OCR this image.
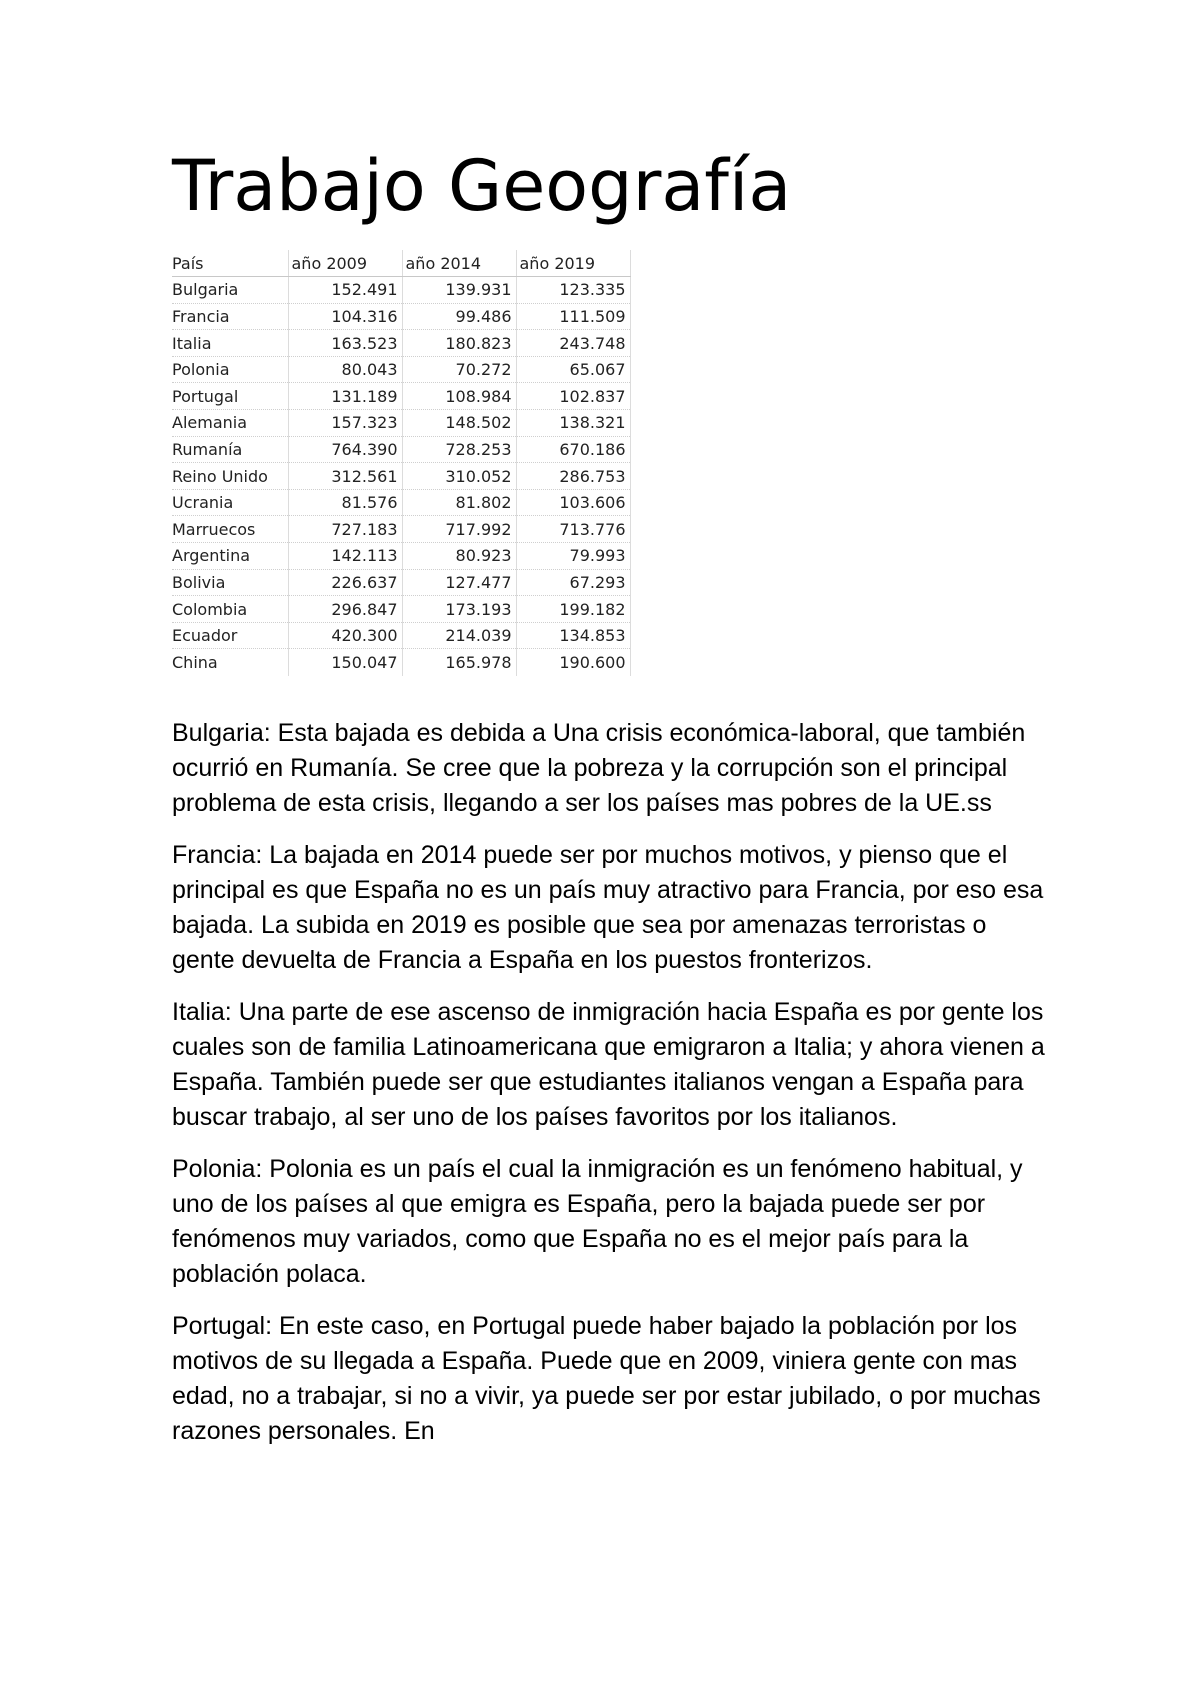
Trabajo Geografía
País	año 2009	año 2014	año 2019
Bulgaria	152.491	139.931	123.335
Francia	104.316	99.486	111.509
Italia	163.523	180.823	243.748
Polonia	80.043	70.272	65.067
Portugal	131.189	108.984	102.837
Alemania	157.323	148.502	138.321
Rumanía	764.390	728.253	670.186
Reino Unido	312.561	310.052	286.753
Ucrania	81.576	81.802	103.606
Marruecos	727.183	717.992	713.776
Argentina	142.113	80.923	79.993
Bolivia	226.637	127.477	67.293
Colombia	296.847	173.193	199.182
Ecuador	420.300	214.039	134.853
China	150.047	165.978	190.600

Bulgaria: Esta bajada es debida a Una crisis económica-laboral, que también ocurrió en Rumanía. Se cree que la pobreza y la corrupción son el principal problema de esta crisis, llegando a ser los países mas pobres de la UE.ss

Francia: La bajada en 2014 puede ser por muchos motivos, y pienso que el principal es que España no es un país muy atractivo para Francia, por eso esa bajada. La subida en 2019 es posible que sea por amenazas terroristas o gente devuelta de Francia a España en los puestos fronterizos.

Italia: Una parte de ese ascenso de inmigración hacia España es por gente los cuales son de familia Latinoamericana que emigraron a Italia; y ahora vienen a España. También puede ser que estudiantes italianos vengan a España para buscar trabajo, al ser uno de los países favoritos por los italianos.

Polonia: Polonia es un país el cual la inmigración es un fenómeno habitual, y uno de los países al que emigra es España, pero la bajada puede ser por fenómenos muy variados, como que España no es el mejor país para la población polaca.

Portugal: En este caso, en Portugal puede haber bajado la población por los motivos de su llegada a España. Puede que en 2009, viniera gente con mas edad, no a trabajar, si no a vivir, ya puede ser por estar jubilado, o por muchas razones personales. En
